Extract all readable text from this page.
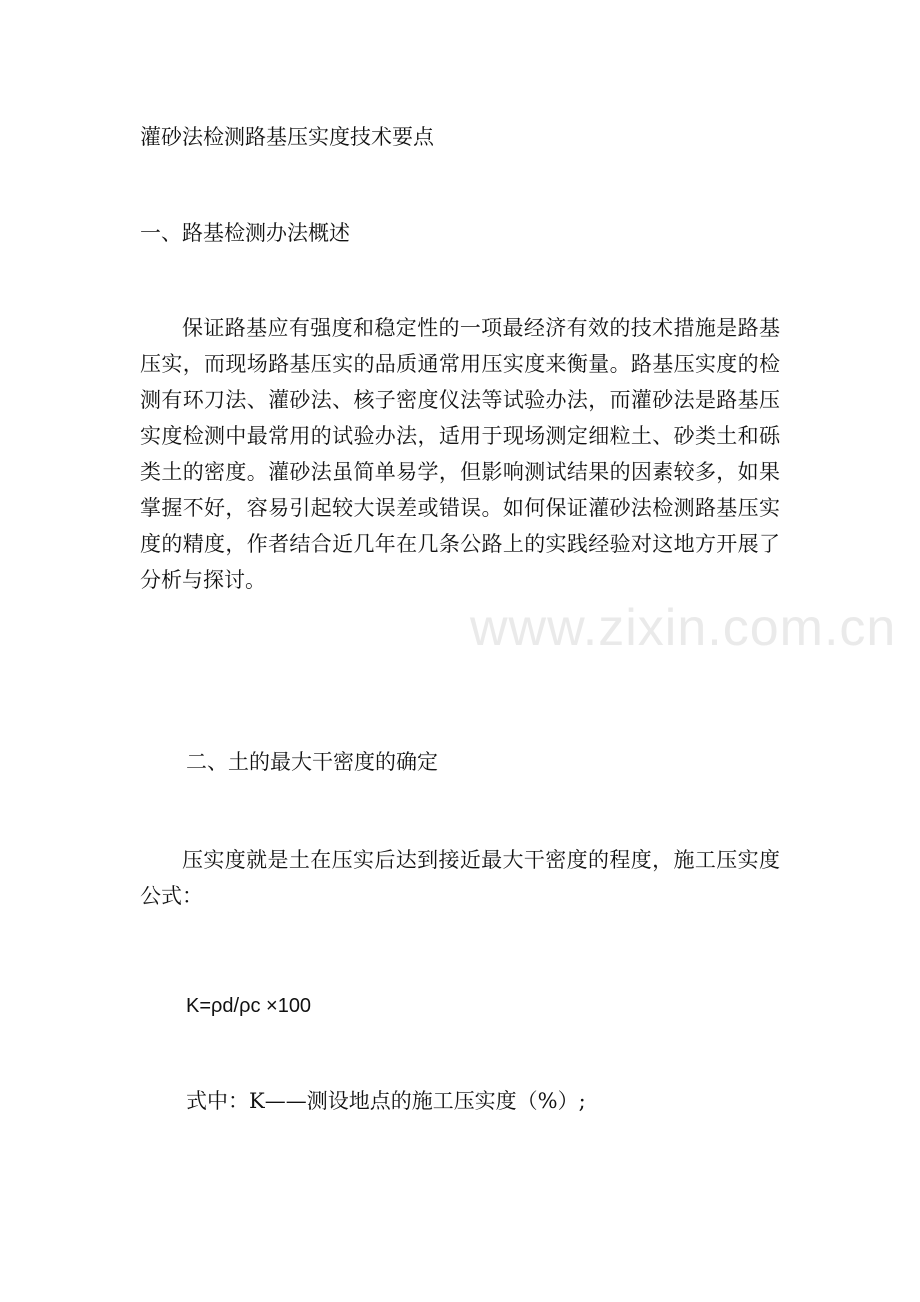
灌砂法检测路基压实度技术要点
一、路基检测办法概述
保证路基应有强度和稳定性的一项最经济有效的技术措施是路基压实，而现场路基压实的品质通常用压实度来衡量。路基压实度的检测有环刀法、灌砂法、核子密度仪法等试验办法，而灌砂法是路基压实度检测中最常用的试验办法，适用于现场测定细粒土、砂类土和砾类土的密度。灌砂法虽简单易学，但影响测试结果的因素较多，如果掌握不好，容易引起较大误差或错误。如何保证灌砂法检测路基压实度的精度，作者结合近几年在几条公路上的实践经验对这地方开展了分析与探讨。
二、土的最大干密度的确定
压实度就是土在压实后达到接近最大干密度的程度，施工压实度公式：
K=ρd/ρc ×100
式中：K——测设地点的施工压实度（%）;
www.zixin.com.cn
